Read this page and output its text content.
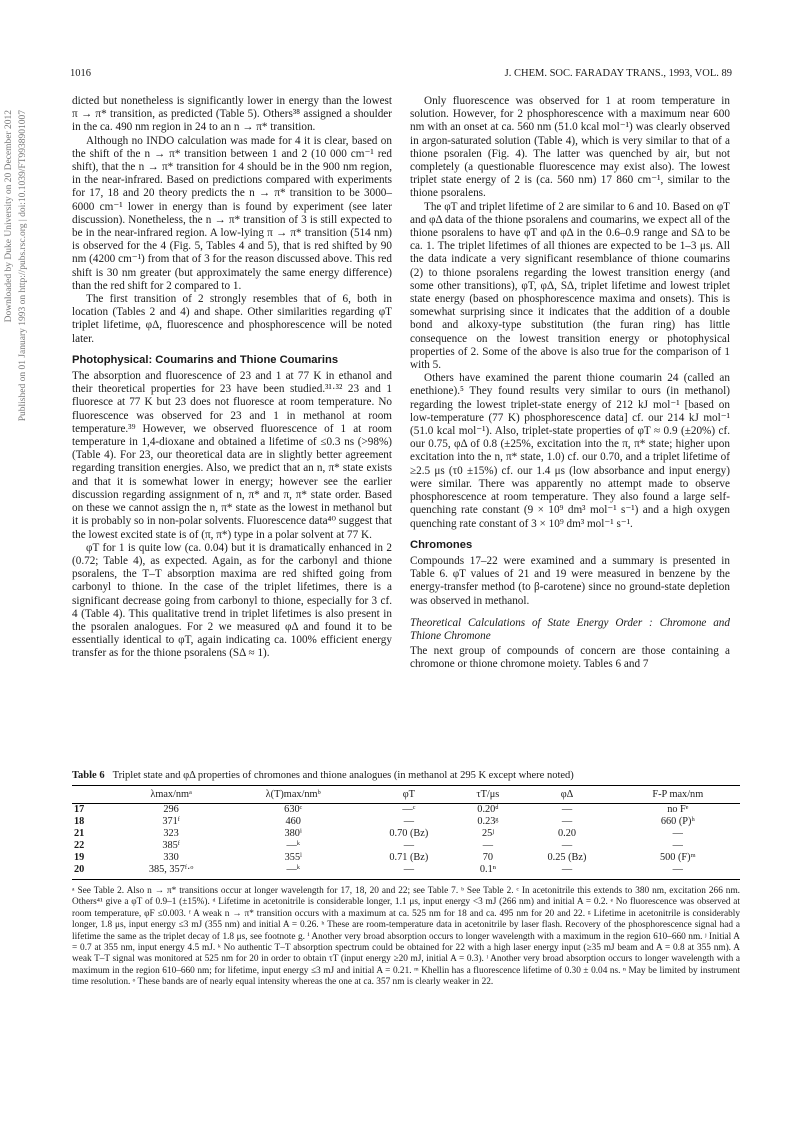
Downloaded by Duke University on 20 December 2012 Published on 01 January 1993 on http://pubs.rsc.org | doi:10.1039/FT9938901007
1016	J. CHEM. SOC. FARADAY TRANS., 1993, VOL. 89

dicted but nonetheless is significantly lower in energy than the lowest π → π* transition, as predicted (Table 5). Others³⁸ assigned a shoulder in the ca. 490 nm region in 24 to an n → π* transition.

Although no INDO calculation was made for 4 it is clear, based on the shift of the n → π* transition between 1 and 2 (10 000 cm⁻¹ red shift), that the n → π* transition for 4 should be in the 900 nm region, in the near-infrared. Based on predictions compared with experiments for 17, 18 and 20 theory predicts the n → π* transition to be 3000–6000 cm⁻¹ lower in energy than is found by experiment (see later discussion). Nonetheless, the n → π* transition of 3 is still expected to be in the near-infrared region. A low-lying π → π* transition (514 nm) is observed for the 4 (Fig. 5, Tables 4 and 5), that is red shifted by 90 nm (4200 cm⁻¹) from that of 3 for the reason discussed above. This red shift is 30 nm greater (but approximately the same energy difference) than the red shift for 2 compared to 1.

The first transition of 2 strongly resembles that of 6, both in location (Tables 2 and 4) and shape. Other similarities regarding φT triplet lifetime, φΔ, fluorescence and phosphorescence will be noted later.

Photophysical: Coumarins and Thione Coumarins

The absorption and fluorescence of 23 and 1 at 77 K in ethanol and their theoretical properties for 23 have been studied.³¹·³² 23 and 1 fluoresce at 77 K but 23 does not fluoresce at room temperature. No fluorescence was observed for 23 and 1 in methanol at room temperature.³⁹ However, we observed fluorescence of 1 at room temperature in 1,4-dioxane and obtained a lifetime of ≤0.3 ns (>98%) (Table 4). For 23, our theoretical data are in slightly better agreement regarding transition energies. Also, we predict that an n, π* state exists and that it is somewhat lower in energy; however see the earlier discussion regarding assignment of n, π* and π, π* state order. Based on these we cannot assign the n, π* state as the lowest in methanol but it is probably so in non-polar solvents. Fluorescence data⁴⁰ suggest that the lowest excited state is of (π, π*) type in a polar solvent at 77 K.

φT for 1 is quite low (ca. 0.04) but it is dramatically enhanced in 2 (0.72; Table 4), as expected. Again, as for the carbonyl and thione psoralens, the T–T absorption maxima are red shifted going from carbonyl to thione. In the case of the triplet lifetimes, there is a significant decrease going from carbonyl to thione, especially for 3 cf. 4 (Table 4). This qualitative trend in triplet lifetimes is also present in the psoralen analogues. For 2 we measured φΔ and found it to be essentially identical to φT, again indicating ca. 100% efficient energy transfer as for the thione psoralens (SΔ ≈ 1).

Only fluorescence was observed for 1 at room temperature in solution. However, for 2 phosphorescence with a maximum near 600 nm with an onset at ca. 560 nm (51.0 kcal mol⁻¹) was clearly observed in argon-saturated solution (Table 4), which is very similar to that of a thione psoralen (Fig. 4). The latter was quenched by air, but not completely (a questionable fluorescence may exist also). The lowest triplet state energy of 2 is (ca. 560 nm) 17 860 cm⁻¹, similar to the thione psoralens.

The φT and triplet lifetime of 2 are similar to 6 and 10. Based on φT and φΔ data of the thione psoralens and coumarins, we expect all of the thione psoralens to have φT and φΔ in the 0.6–0.9 range and SΔ to be ca. 1. The triplet lifetimes of all thiones are expected to be 1–3 μs. All the data indicate a very significant resemblance of thione coumarins (2) to thione psoralens regarding the lowest transition energy (and some other transitions), φT, φΔ, SΔ, triplet lifetime and lowest triplet state energy (based on phosphorescence maxima and onsets). This is somewhat surprising since it indicates that the addition of a double bond and alkoxy-type substitution (the furan ring) has little consequence on the lowest transition energy or photophysical properties of 2. Some of the above is also true for the comparison of 1 with 5.

Others have examined the parent thione coumarin 24 (called an enethione).⁵ They found results very similar to ours (in methanol) regarding the lowest triplet-state energy of 212 kJ mol⁻¹ [based on low-temperature (77 K) phosphorescence data] cf. our 214 kJ mol⁻¹ (51.0 kcal mol⁻¹). Also, triplet-state properties of φT ≈ 0.9 (±20%) cf. our 0.75, φΔ of 0.8 (±25%, excitation into the π, π* state; higher upon excitation into the n, π* state, 1.0) cf. our 0.70, and a triplet lifetime of ≥2.5 μs (τ0 ±15%) cf. our 1.4 μs (low absorbance and input energy) were similar. There was apparently no attempt made to observe phosphorescence at room temperature. They also found a large self-quenching rate constant (9 × 10⁹ dm³ mol⁻¹ s⁻¹) and a high oxygen quenching rate constant of 3 × 10⁹ dm³ mol⁻¹ s⁻¹.

Chromones

Compounds 17–22 were examined and a summary is presented in Table 6. φT values of 21 and 19 were measured in benzene by the energy-transfer method (to β-carotene) since no ground-state depletion was observed in methanol.

Theoretical Calculations of State Energy Order : Chromone and Thione Chromone

The next group of compounds of concern are those containing a chromone or thione chromone moiety. Tables 6 and 7

Table 6 Triplet state and φΔ properties of chromones and thione analogues (in methanol at 295 K except where noted)
	λmax/nmᵃ	λ(T)max/nmᵇ	φT	τT/μs	φΔ	F-P max/nm
17	296	630ᶜ	—ᶜ	0.20ᵈ	—	no Fᵉ
18	371ᶠ	460	—	0.23ᵍ	—	660 (P)ʰ
21	323	380ⁱ	0.70 (Bz)	25ʲ	0.20	—
22	385ᶠ	—ᵏ	—	—	—	—
19	330	355ˡ	0.71 (Bz)	70	0.25 (Bz)	500 (F)ᵐ
20	385, 357ᶠ·ᵒ	—ᵏ	—	0.1ⁿ	—	—
ᵃ See Table 2. Also n → π* transitions occur at longer wavelength for 17, 18, 20 and 22; see Table 7. ᵇ See Table 2. ᶜ In acetonitrile this extends to 380 nm, excitation 266 nm. Others⁴¹ give a φT of 0.9–1 (±15%). ᵈ Lifetime in acetonitrile is considerable longer, 1.1 μs, input energy <3 mJ (266 nm) and initial A = 0.2. ᵉ No fluorescence was observed at room temperature, φF ≤0.003. ᶠ A weak n → π* transition occurs with a maximum at ca. 525 nm for 18 and ca. 495 nm for 20 and 22. ᵍ Lifetime in acetonitrile is considerably longer, 1.8 μs, input energy ≤3 mJ (355 nm) and initial A = 0.26. ʰ These are room-temperature data in acetonitrile by laser flash. Recovery of the phosphorescence signal had a lifetime the same as the triplet decay of 1.8 μs, see footnote g. ⁱ Another very broad absorption occurs to longer wavelength with a maximum in the region 610–660 nm. ʲ Initial A = 0.7 at 355 nm, input energy 4.5 mJ. ᵏ No authentic T–T absorption spectrum could be obtained for 22 with a high laser energy input (≥35 mJ beam and A = 0.8 at 355 nm). A weak T–T signal was monitored at 525 nm for 20 in order to obtain τT (input energy ≥20 mJ, initial A = 0.3). ˡ Another very broad absorption occurs to longer wavelength with a maximum in the region 610–660 nm; for lifetime, input energy ≤3 mJ and initial A = 0.21. ᵐ Khellin has a fluorescence lifetime of 0.30 ± 0.04 ns. ⁿ May be limited by instrument time resolution. ᵒ These bands are of nearly equal intensity whereas the one at ca. 357 nm is clearly weaker in 22.
